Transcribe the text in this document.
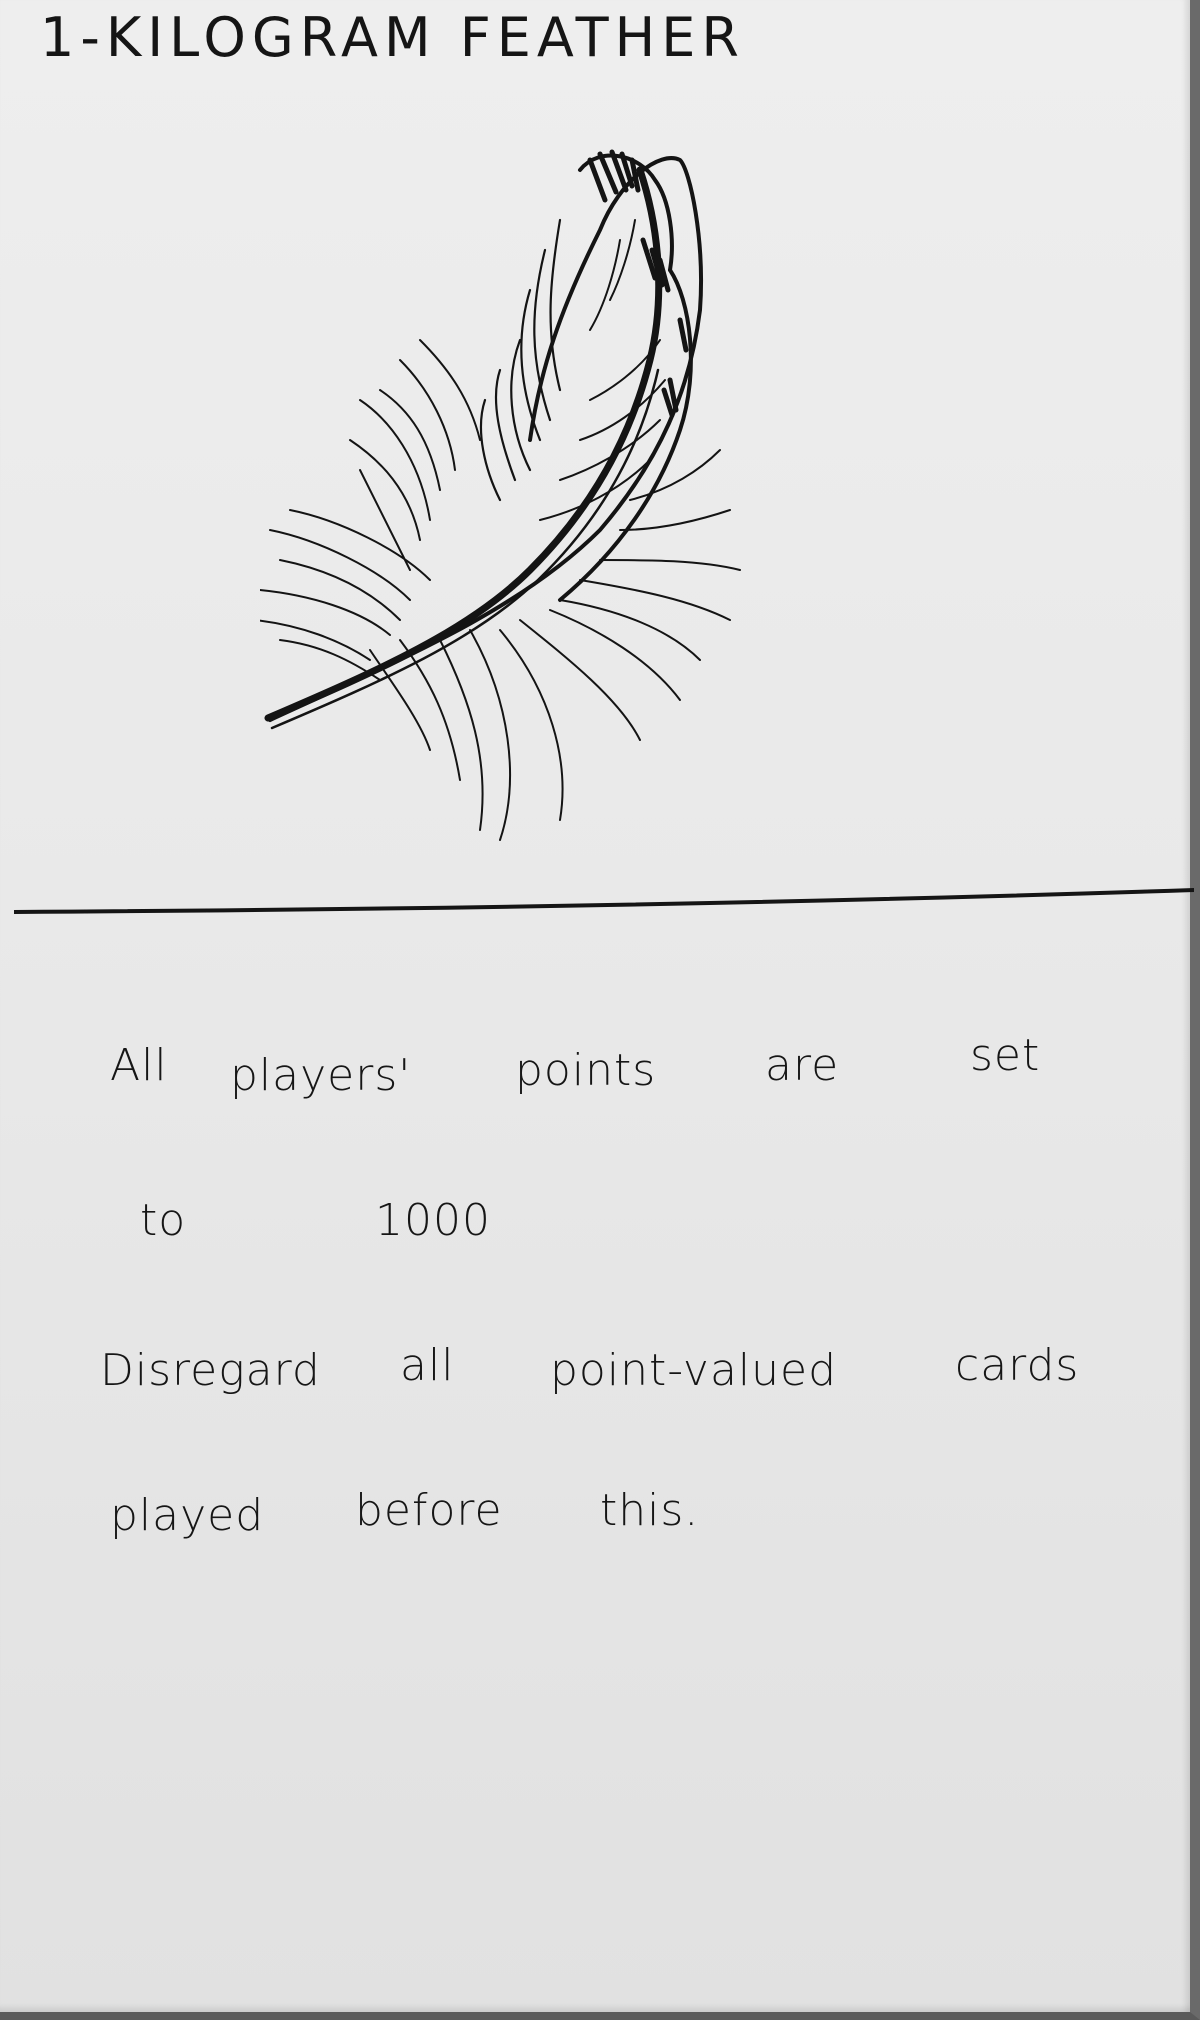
1-KILOGRAM FEATHER
All players' points are	set
to	1000
Disregard all point-valued	cards
played before this.
